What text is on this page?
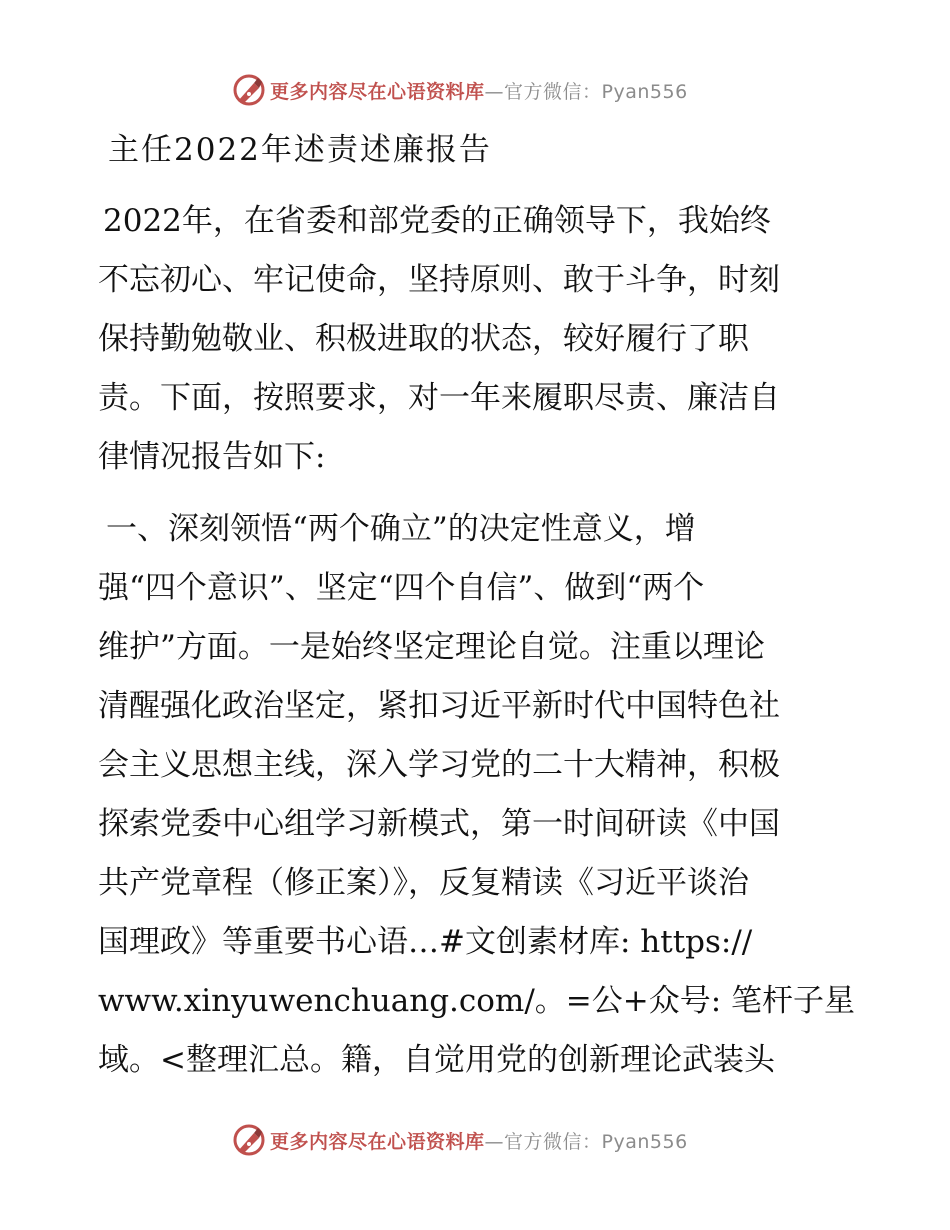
更多内容尽在心语资料库—官方微信：Pyan556
主任2022年述责述廉报告
2022年，在省委和部党委的正确领导下，我始终
不忘初心、牢记使命，坚持原则、敢于斗争，时刻
保持勤勉敬业、积极进取的状态，较好履行了职
责。下面，按照要求，对一年来履职尽责、廉洁自
律情况报告如下:
一、深刻领悟“两个确立”的决定性意义，增
强“四个意识”、坚定“四个自信”、做到“两个
维护”方面。一是始终坚定理论自觉。注重以理论
清醒强化政治坚定，紧扣习近平新时代中国特色社
会主义思想主线，深入学习党的二十大精神，积极
探索党委中心组学习新模式，第一时间研读《中国
共产党章程（修正案）》，反复精读《习近平谈治
国理政》等重要书心语…#文创素材库: https://
www.xinyuwenchuang.com/。=公+众号: 笔杆子星
域。<整理汇总。籍，自觉用党的创新理论武装头
更多内容尽在心语资料库—官方微信：Pyan556
